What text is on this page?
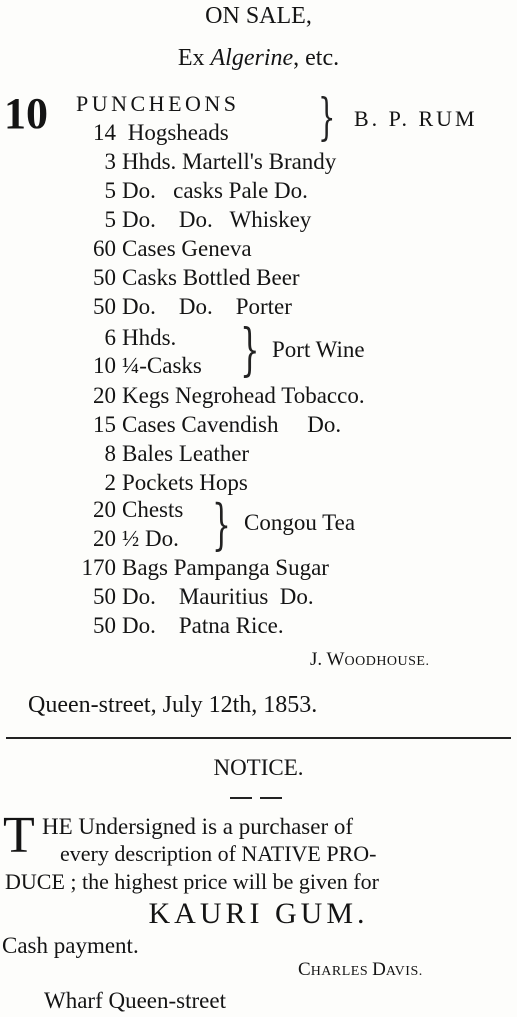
ON SALE,
Ex Algerine, etc.
10 PUNCHEONS
14 Hogsheads } B. P. RUM
3 Hhds. Martell's Brandy
5 Do.   casks Pale Do.
5 Do.    Do.   Whiskey
60 Cases Geneva
50 Casks Bottled Beer
50 Do.    Do.    Porter
6 Hhds.
10 ¼-Casks } Port Wine
20 Kegs Negrohead Tobacco.
15 Cases Cavendish     Do.
8 Bales Leather
2 Pockets Hops
20 Chests
20 ½ Do. } Congou Tea
170 Bags Pampanga Sugar
50 Do.    Mauritius  Do.
50 Do.    Patna Rice.
J. WOODHOUSE.
Queen-street, July 12th, 1853.
NOTICE.
T HE Undersigned is a purchaser of
every description of NATIVE PRO-
DUCE ; the highest price will be given for
KAURI GUM.
Cash payment.
CHARLES DAVIS.
Wharf Queen-street
